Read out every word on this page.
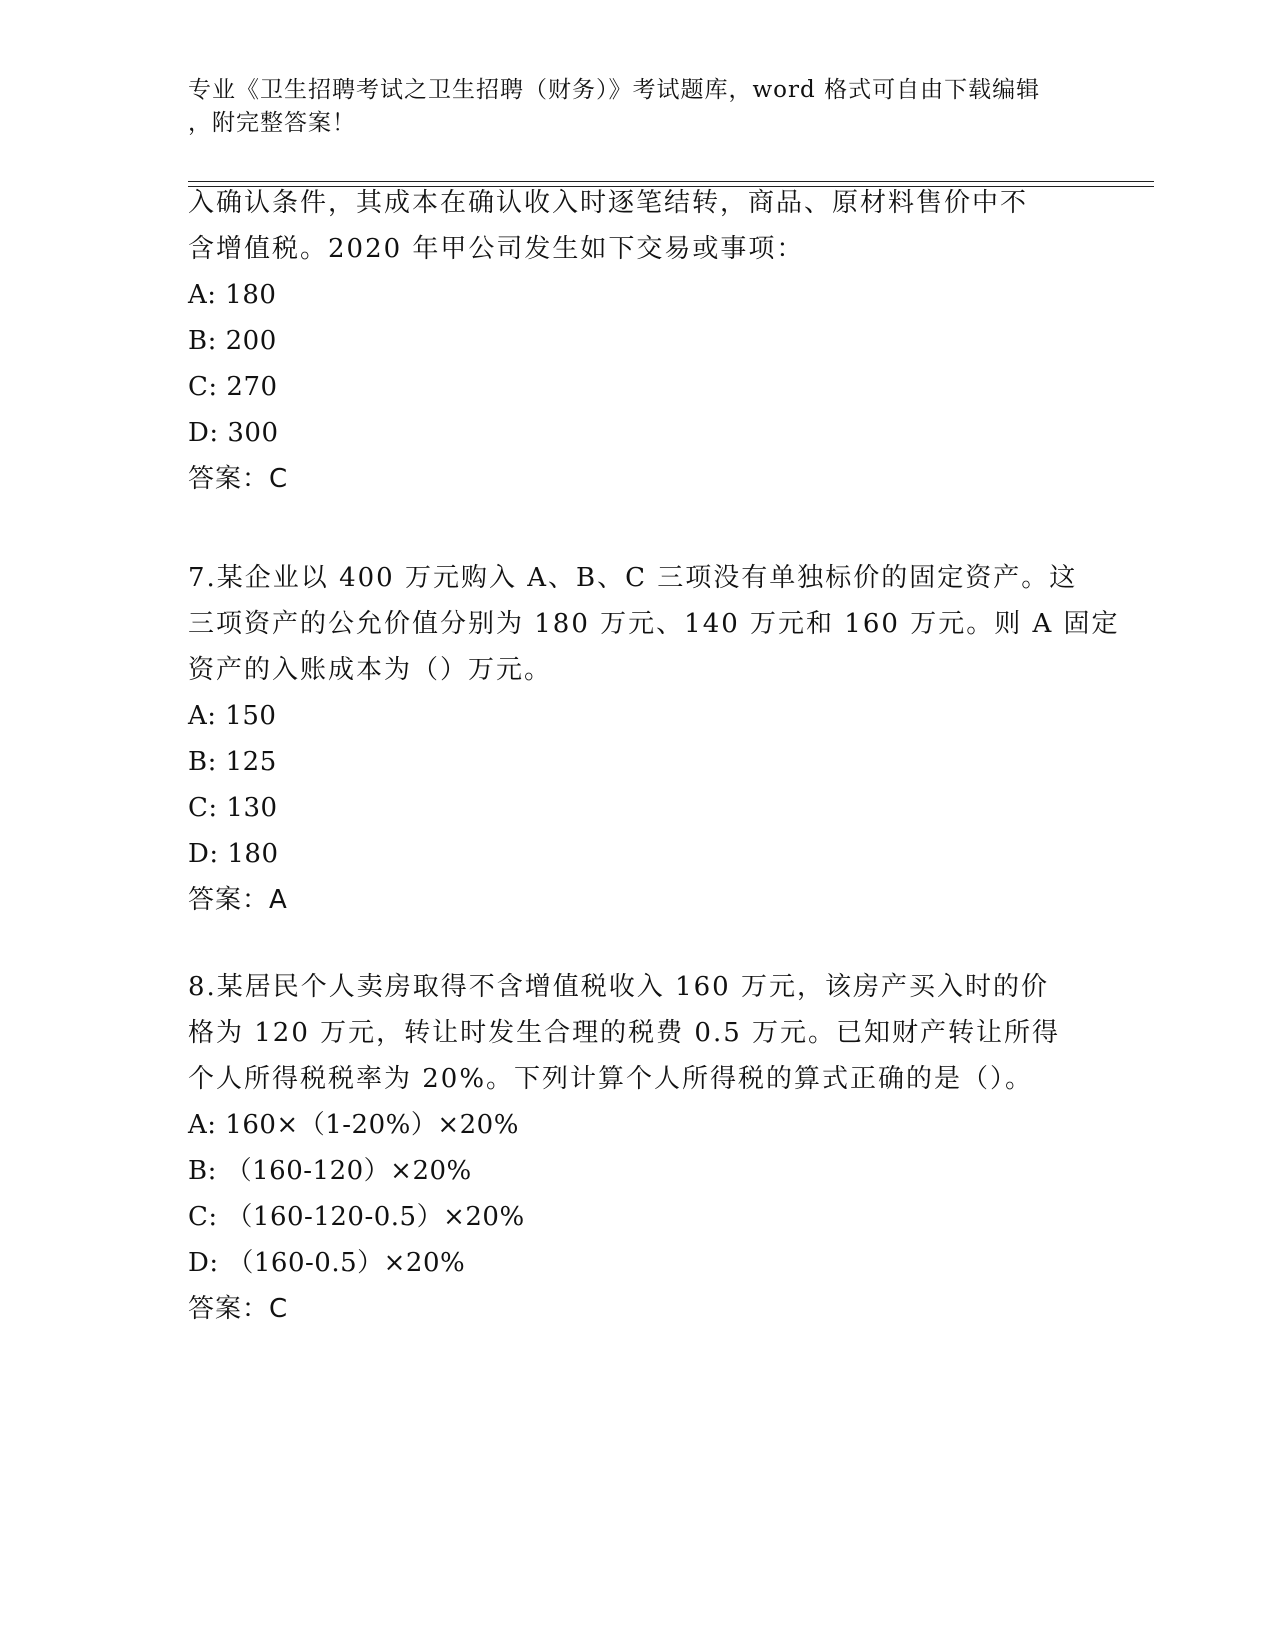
专业《卫生招聘考试之卫生招聘（财务）》考试题库，word 格式可自由下载编辑
，附完整答案！
入确认条件，其成本在确认收入时逐笔结转，商品、原材料售价中不
含增值税。2020 年甲公司发生如下交易或事项：
A: 180
B: 200
C: 270
D: 300
答案：C
7.某企业以 400 万元购入 A、B、C 三项没有单独标价的固定资产。这
三项资产的公允价值分别为 180 万元、140 万元和 160 万元。则 A 固定
资产的入账成本为（）万元。
A: 150
B: 125
C: 130
D: 180
答案：A
8.某居民个人卖房取得不含增值税收入 160 万元，该房产买入时的价
格为 120 万元，转让时发生合理的税费 0.5 万元。已知财产转让所得
个人所得税税率为 20%。下列计算个人所得税的算式正确的是（）。
A: 160×（1-20%）×20%
B: （160-120）×20%
C: （160-120-0.5）×20%
D: （160-0.5）×20%
答案：C
